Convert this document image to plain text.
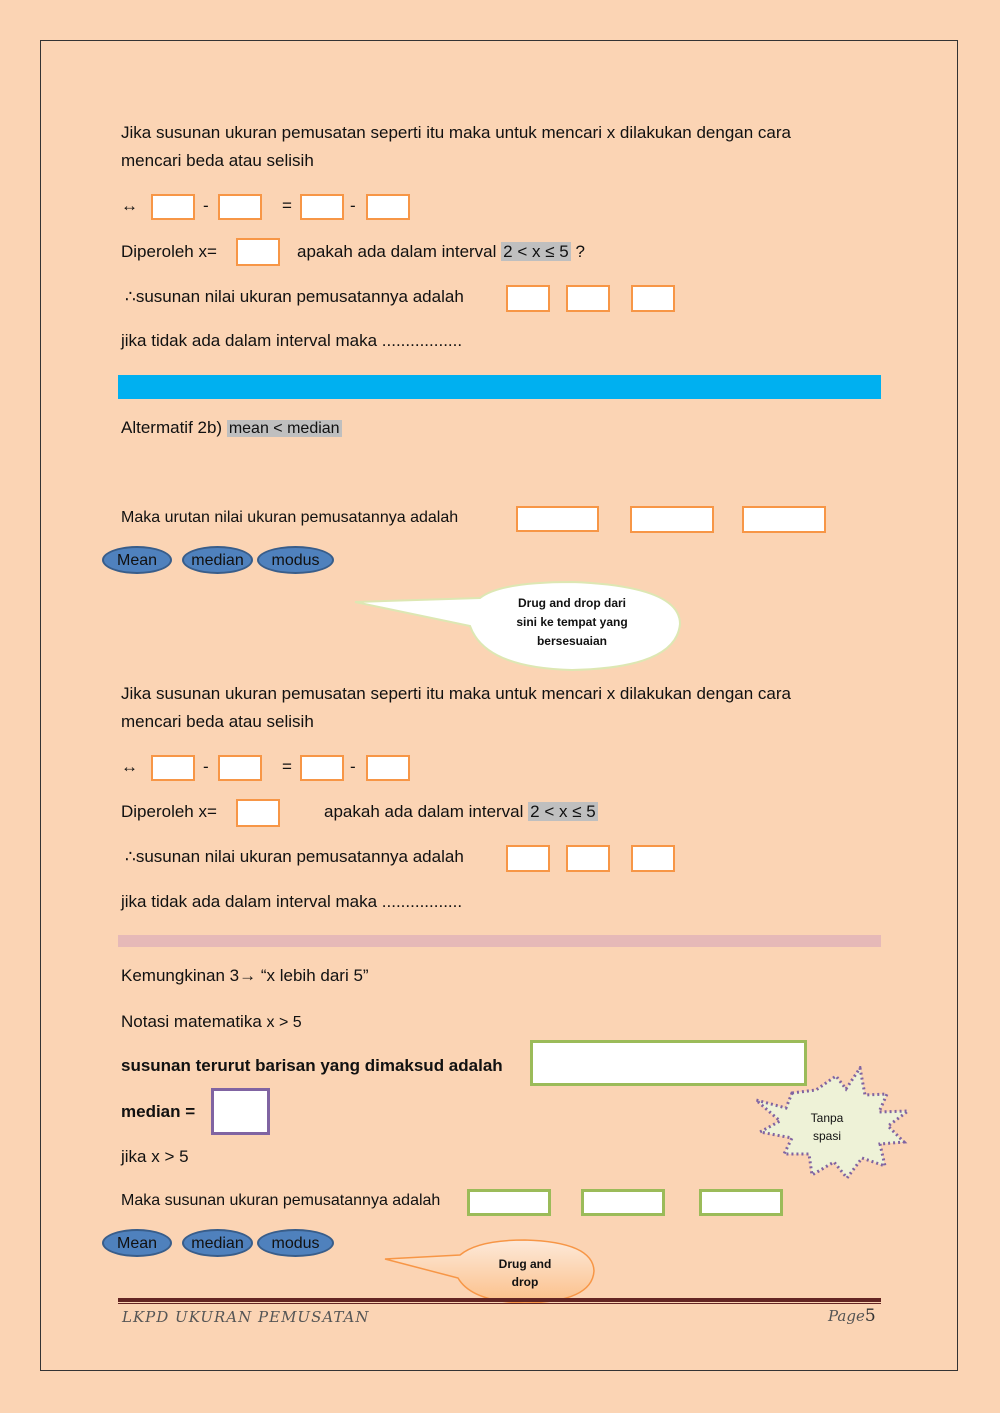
Jika susunan ukuran pemusatan seperti itu maka untuk mencari x dilakukan dengan cara
mencari beda atau selisih
↔	-	=	-
Diperoleh x=	apakah ada dalam interval 2 < x ≤ 5 ?
∴susunan nilai ukuran pemusatannya adalah
jika tidak ada dalam interval maka .................
Altermatif 2b) mean < median
Maka urutan nilai ukuran pemusatannya adalah
Mean	median	modus
Drug and drop dari
sini ke tempat yang
bersesuaian
Jika susunan ukuran pemusatan seperti itu maka untuk mencari x dilakukan dengan cara
mencari beda atau selisih
↔	-	=	-
Diperoleh x=	apakah ada dalam interval 2 < x ≤ 5
∴susunan nilai ukuran pemusatannya adalah
jika tidak ada dalam interval maka .................
Kemungkinan 3→ “x lebih dari 5”
Notasi matematika x > 5
susunan terurut barisan yang dimaksud adalah
median =	Tanpa
spasi
jika x > 5
Maka susunan ukuran pemusatannya adalah
Mean	median	modus
Drug and
drop
LKPD UKURAN PEMUSATAN	Page5
